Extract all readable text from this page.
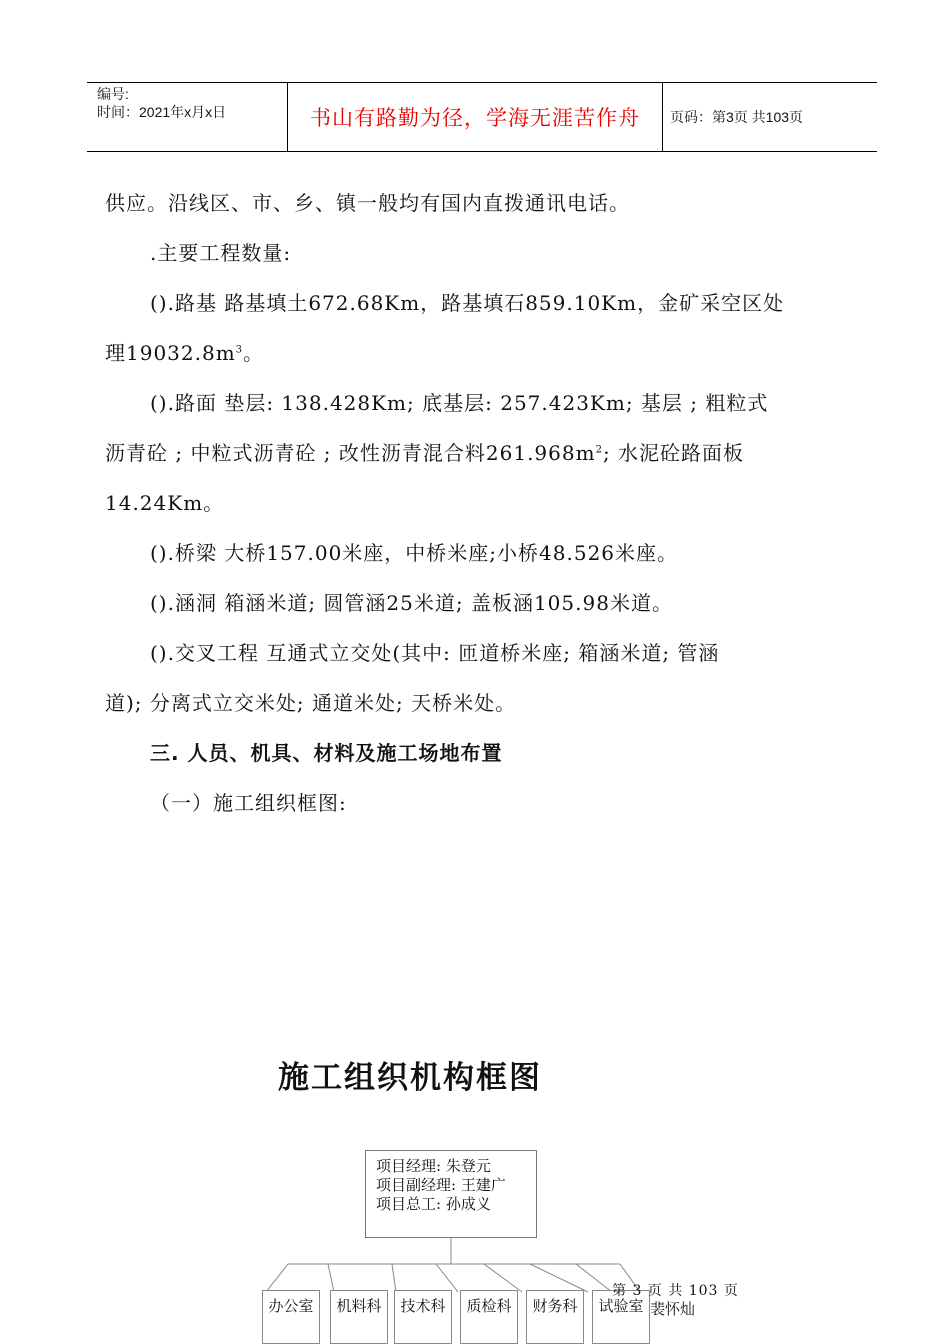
编号:
时间：2021年x月x日	书山有路勤为径，学海无涯苦作舟	页码：第3页 共103页

供应。沿线区、市、乡、镇一般均有国内直拨通讯电话。

.主要工程数量:

().路基 路基填土672.68Km，路基填石859.10Km，金矿采空区处

理$19032.8m^3$。

().路面 垫层: 138.428Km; 底基层: 257.423Km; 基层 ; 粗粒式

沥青砼 ; 中粒式沥青砼 ; 改性沥青混合料$261.968m^2$; 水泥砼路面板

14.24Km。

().桥梁 大桥157.00米座，中桥米座;小桥48.526米座。

().涵洞 箱涵米道; 圆管涵25米道; 盖板涵105.98米道。

().交叉工程 互通式立交处(其中: 匝道桥米座; 箱涵米道; 管涵

道); 分离式立交米处; 通道米处; 天桥米处。

三. 人员、机具、材料及施工场地布置

（一）施工组织框图:

施工组织机构框图
项目经理: 朱登元
项目副经理: 王建广
项目总工: 孙成义
办公室	机料科	技术科	质检科	财务科	试验室
第 3 页 共 103 页
裴怀灿
